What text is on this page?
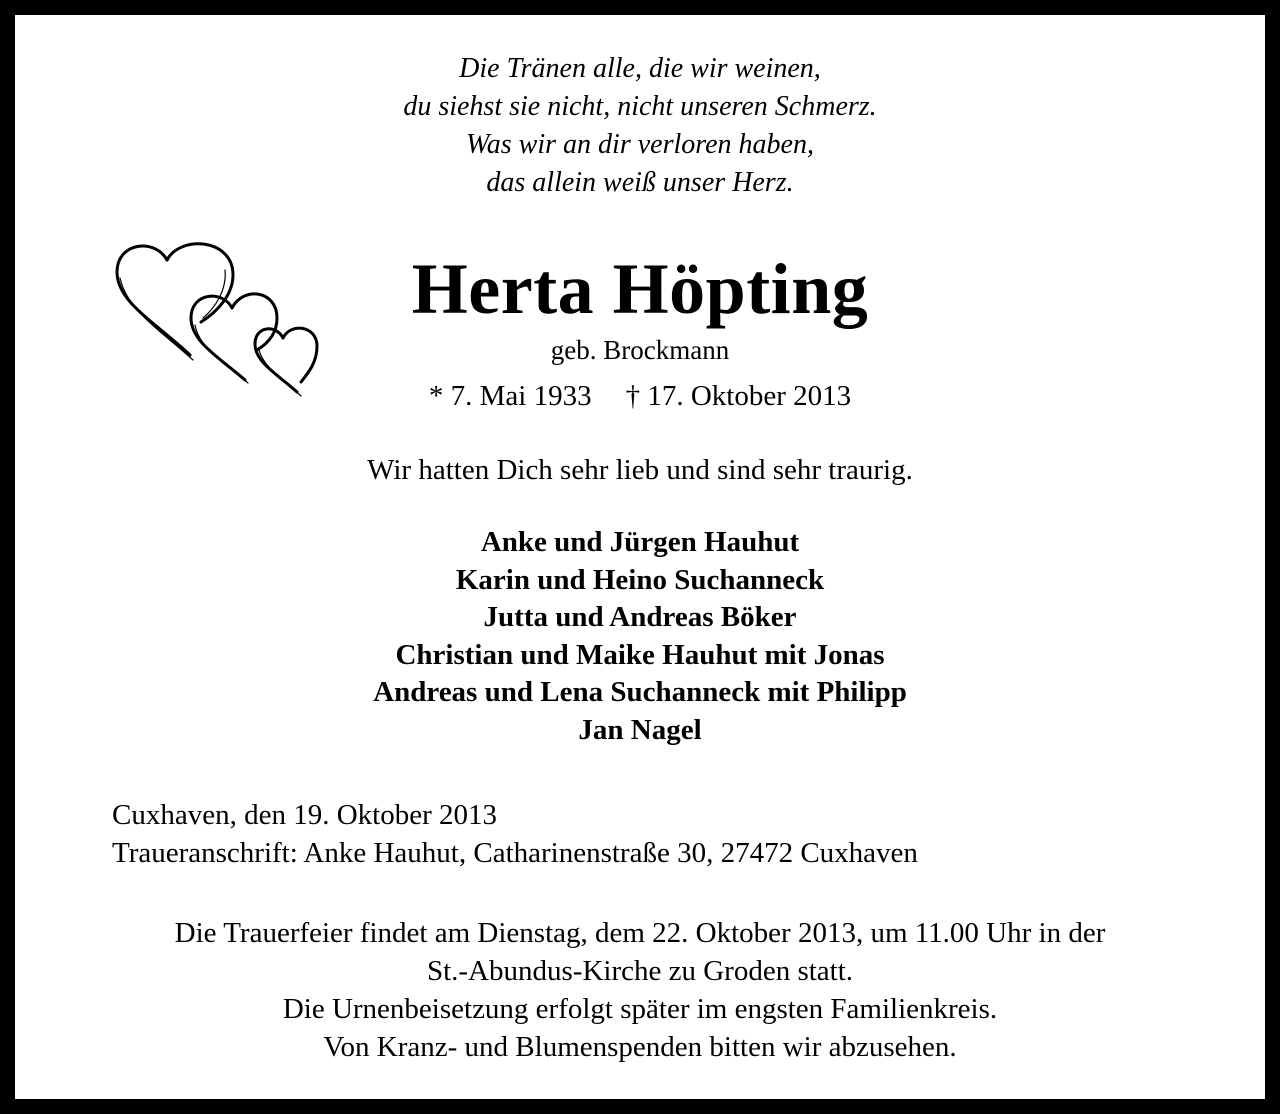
Die Tränen alle, die wir weinen,
du siehst sie nicht, nicht unseren Schmerz.
Was wir an dir verloren haben,
das allein weiß unser Herz.
Herta Höpting
geb. Brockmann
* 7. Mai 1933 † 17. Oktober 2013
Wir hatten Dich sehr lieb und sind sehr traurig.
Anke und Jürgen Hauhut
Karin und Heino Suchanneck
Jutta und Andreas Böker
Christian und Maike Hauhut mit Jonas
Andreas und Lena Suchanneck mit Philipp
Jan Nagel
Cuxhaven, den 19. Oktober 2013
Traueranschrift: Anke Hauhut, Catharinenstraße 30, 27472 Cuxhaven
Die Trauerfeier findet am Dienstag, dem 22. Oktober 2013, um 11.00 Uhr in der
St.-Abundus-Kirche zu Groden statt.
Die Urnenbeisetzung erfolgt später im engsten Familienkreis.
Von Kranz- und Blumenspenden bitten wir abzusehen.
